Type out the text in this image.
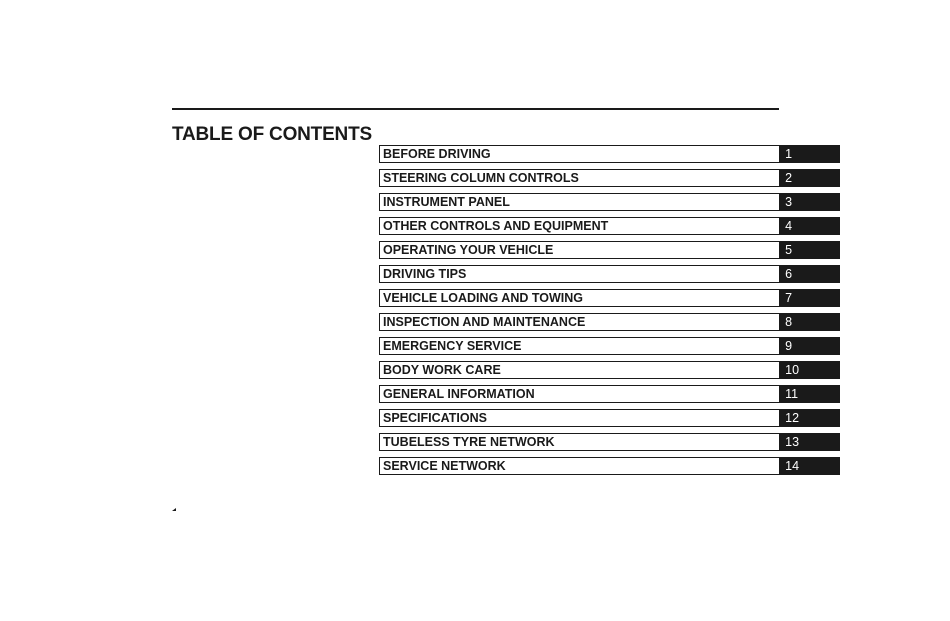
TABLE OF CONTENTS
BEFORE DRIVING	1
STEERING COLUMN CONTROLS	2
INSTRUMENT PANEL	3
OTHER CONTROLS AND EQUIPMENT	4
OPERATING YOUR VEHICLE	5
DRIVING TIPS	6
VEHICLE LOADING AND TOWING	7
INSPECTION AND MAINTENANCE	8
EMERGENCY SERVICE	9
BODY WORK CARE	10
GENERAL INFORMATION	11
SPECIFICATIONS	12
TUBELESS TYRE NETWORK	13
SERVICE NETWORK	14
